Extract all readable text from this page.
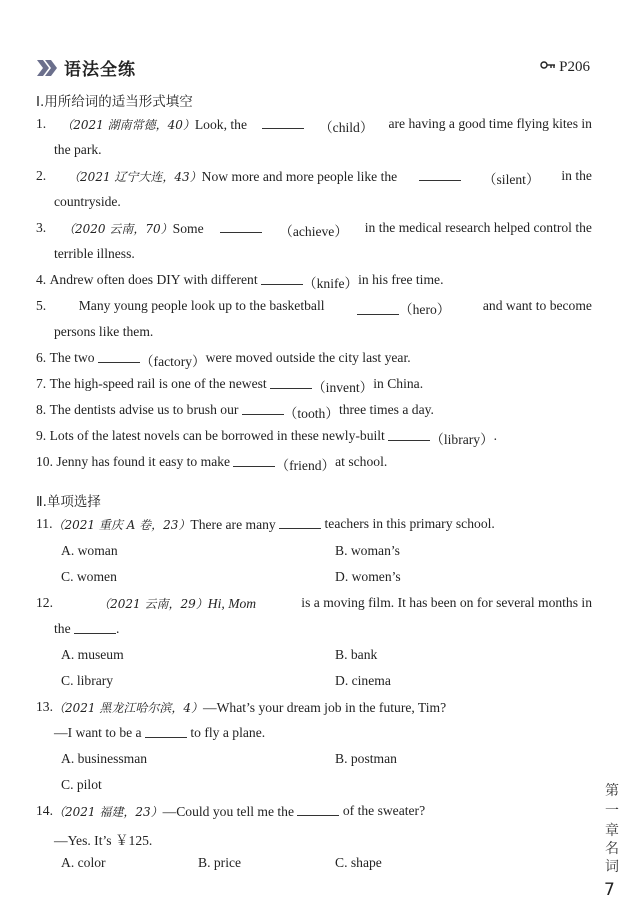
语法全练	P206
Ⅰ.用所给词的适当形式填空
1. （2021 湖南常德，40）Look, the	（child） are having a good time flying kites in
the park.
2. （2021 辽宁大连，43）Now more and more people like the	（silent） in the
countryside.
3. （2020 云南，70）Some	（achieve） in the medical research helped control the
terrible illness.
4.
Andrew often does DIY with different
	（knife） in his free time.
5. Many young people look up to the basketball	（hero） and want to become
persons like them.
6.
The two
	（factory） were moved outside the city last year.
7.
The high-speed rail is one of the newest
	（invent） in China.
8.
The dentists advise us to brush our
	（tooth） three times a day.
9.
Lots of the latest novels can be borrowed in these newly-built
	（library） .
10.
Jenny has found it easy to make
	（friend） at school.
Ⅱ.单项选择
11. （2021 重庆 A 卷，23）There are many

	teachers in this primary school.
A. woman	B. woman’s
C. women	D. women’s
12.	（2021 云南，29）Hi, Mom	is a moving film. It has been on for several months in
the	.
A. museum	B. bank
C. library	D. cinema
13. （2021 黑龙江哈尔滨，4）—What’s your dream job in the future, Tim?
—I want to be a	to fly a plane.
A. businessman	B. postman
C. pilot
14. （2021 福建，23）—Could you tell me the

	of the sweater?
—Yes. It’s ￥125.
A. color	B. price	C. shape
第
一
章
名
词
7
